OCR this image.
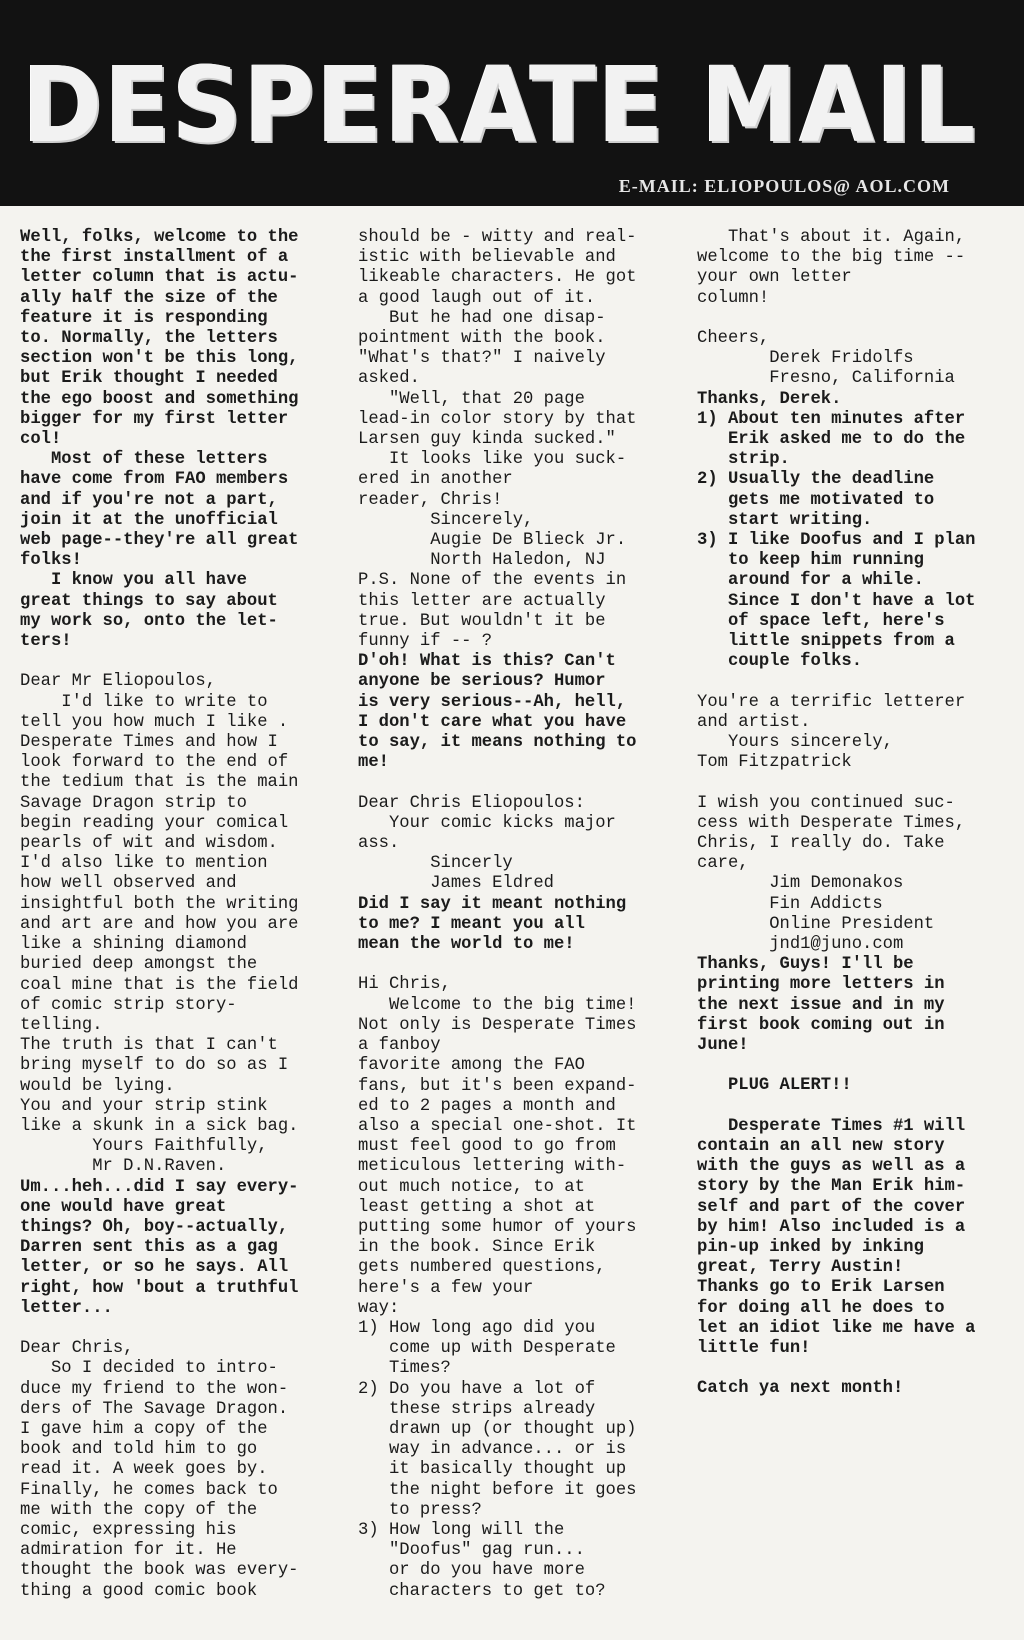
DESPERATE MAIL
E-MAIL: ELIOPOULOS@ AOL.COM

Well, folks, welcome to the

the first installment of a

letter column that is actu-

ally half the size of the

feature it is responding

to. Normally, the letters

section won't be this long,

but Erik thought I needed

the ego boost and something

bigger for my first letter

col!

Most of these letters

have come from FAO members

and if you're not a part,

join it at the unofficial

web page--they're all great

folks!

I know you all have

great things to say about

my work so, onto the let-

ters!

Dear Mr Eliopoulos,

I'd like to write to

tell you how much I like .

Desperate Times and how I

look forward to the end of

the tedium that is the main

Savage Dragon strip to

begin reading your comical

pearls of wit and wisdom.

I'd also like to mention

how well observed and

insightful both the writing

and art are and how you are

like a shining diamond

buried deep amongst the

coal mine that is the field

of comic strip story-

telling.

The truth is that I can't

bring myself to do so as I

would be lying.

You and your strip stink

like a skunk in a sick bag.

Yours Faithfully,

Mr D.N.Raven.

Um...heh...did I say every-

one would have great

things? Oh, boy--actually,

Darren sent this as a gag

letter, or so he says. All

right, how 'bout a truthful

letter...

Dear Chris,

So I decided to intro-

duce my friend to the won-

ders of The Savage Dragon.

I gave him a copy of the

book and told him to go

read it. A week goes by.

Finally, he comes back to

me with the copy of the

comic, expressing his

admiration for it. He

thought the book was every-

thing a good comic book

should be - witty and real-

istic with believable and

likeable characters. He got

a good laugh out of it.

But he had one disap-

pointment with the book.

"What's that?" I naively

asked.

"Well, that 20 page

lead-in color story by that

Larsen guy kinda sucked."

It looks like you suck-

ered in another

reader, Chris!

Sincerely,

Augie De Blieck Jr.

North Haledon, NJ

P.S. None of the events in

this letter are actually

true. But wouldn't it be

funny if -- ?

D'oh! What is this? Can't

anyone be serious? Humor

is very serious--Ah, hell,

I don't care what you have

to say, it means nothing to

me!

Dear Chris Eliopoulos:

Your comic kicks major

ass.

Sincerly

James Eldred

Did I say it meant nothing

to me? I meant you all

mean the world to me!

Hi Chris,

Welcome to the big time!

Not only is Desperate Times

a fanboy

favorite among the FAO

fans, but it's been expand-

ed to 2 pages a month and

also a special one-shot. It

must feel good to go from

meticulous lettering with-

out much notice, to at

least getting a shot at

putting some humor of yours

in the book. Since Erik

gets numbered questions,

here's a few your

way:

1) How long ago did you

come up with Desperate

Times?

2) Do you have a lot of

these strips already

drawn up (or thought up)

way in advance... or is

it basically thought up

the night before it goes

to press?

3) How long will the

"Doofus" gag run...

or do you have more

characters to get to?

That's about it. Again,

welcome to the big time --

your own letter

column!

Cheers,

Derek Fridolfs

Fresno, California

Thanks, Derek.

1) About ten minutes after

Erik asked me to do the

strip.

2) Usually the deadline

gets me motivated to

start writing.

3) I like Doofus and I plan

to keep him running

around for a while.

Since I don't have a lot

of space left, here's

little snippets from a

couple folks.

You're a terrific letterer

and artist.

Yours sincerely,

Tom Fitzpatrick

I wish you continued suc-

cess with Desperate Times,

Chris, I really do. Take

care,

Jim Demonakos

Fin Addicts

Online President

jnd1@juno.com

Thanks, Guys! I'll be

printing more letters in

the next issue and in my

first book coming out in

June!

PLUG ALERT!!

Desperate Times #1 will

contain an all new story

with the guys as well as a

story by the Man Erik him-

self and part of the cover

by him! Also included is a

pin-up inked by inking

great, Terry Austin!

Thanks go to Erik Larsen

for doing all he does to

let an idiot like me have a

little fun!

Catch ya next month!
